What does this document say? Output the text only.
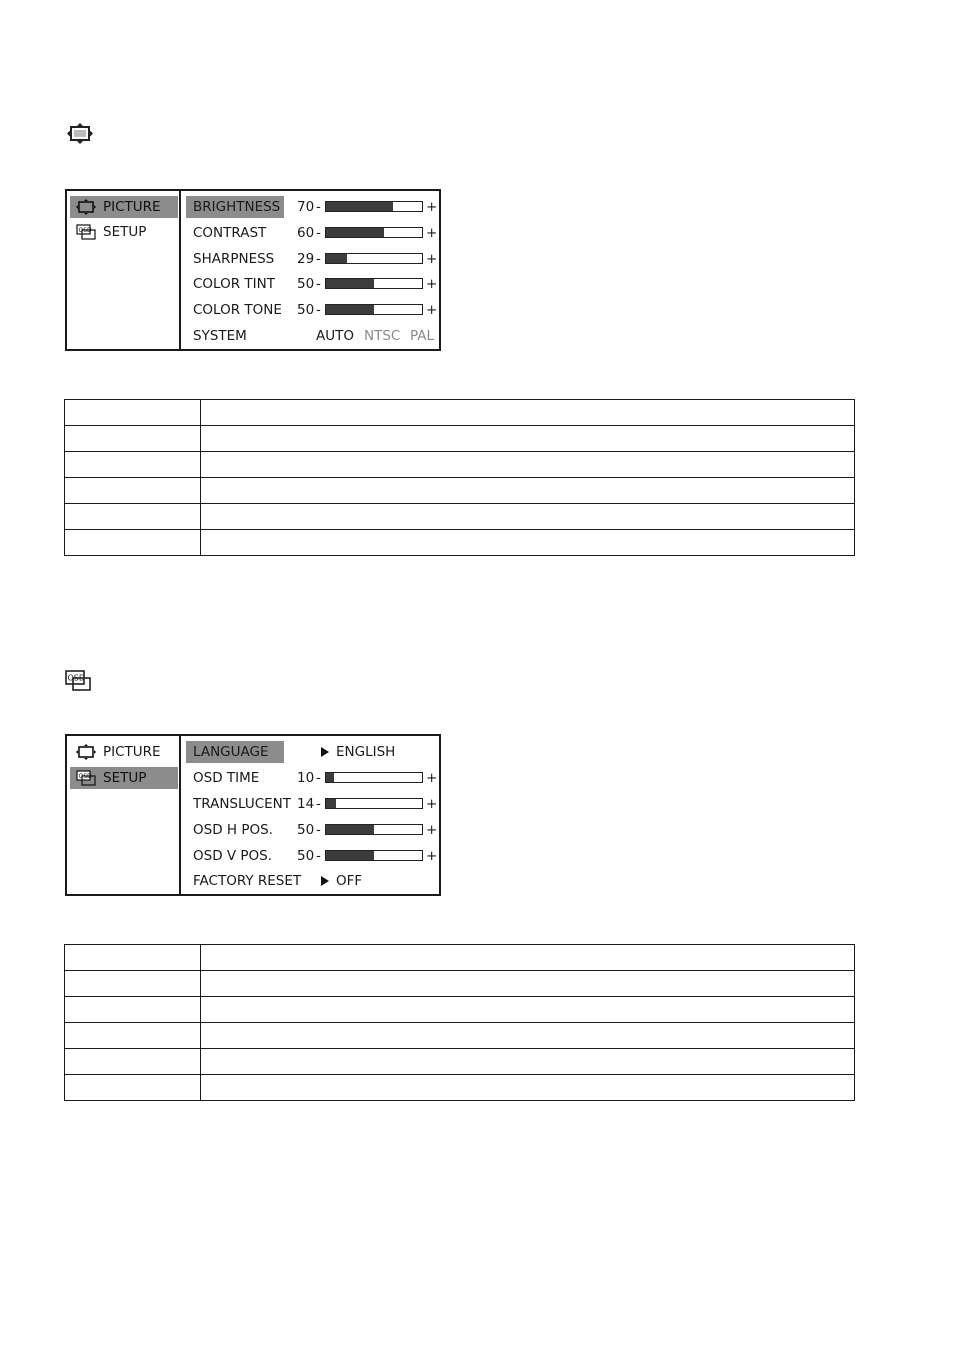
PICTURE
OSD SETUP
BRIGHTNESS 70 -	+
CONTRAST 60 -	+
SHARPNESS 29 -	+
COLOR TINT 50 -	+
COLOR TONE 50 -	+
SYSTEM	AUTO NTSC PAL

OSD
PICTURE
OSD SETUP
LANGUAGE	ENGLISH
OSD TIME	10 -	+
TRANSLUCENT 14 -	+
OSD H POS. 50 -	+
OSD V POS. 50 -	+
FACTORY RESET	OFF
